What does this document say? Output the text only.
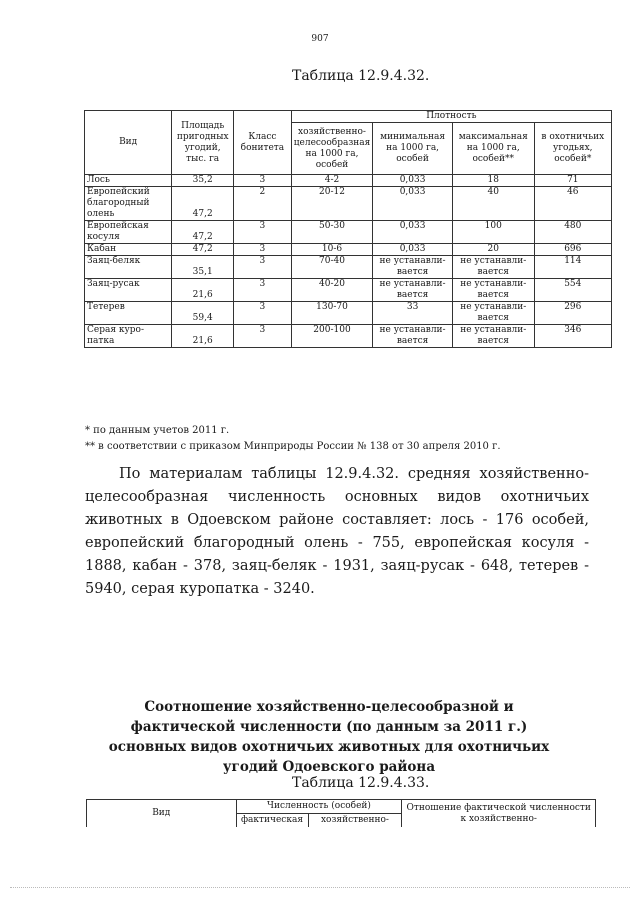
907
Таблица 12.9.4.32.
Вид	Площадь пригодных угодий, тыс. га	Класс бонитета	Плотность			
			хозяйственно-целесообразная на 1000 га, особей	минимальная на 1000 га, особей	максимальная на 1000 га, особей**	в охотничьих угодьях, особей*
Лось	35,2	3	4-2	0,033	18	71
Европейский благородный олень	47,2	2	20-12	0,033	40	46
Европейская косуля	47,2	3	50-30	0,033	100	480
Кабан	47,2	3	10-6	0,033	20	696
Заяц-беляк	35,1	3	70-40	не устанавли-вается	не устанавли-вается	114
Заяц-русак	21,6	3	40-20	не устанавли-вается	не устанавли-вается	554
Тетерев	59,4	3	130-70	33	не устанавли-вается	296
Серая куро-патка	21,6	3	200-100	не устанавли-вается	не устанавли-вается	346
* по данным учетов 2011 г.
** в соответствии с приказом Минприроды России № 138 от 30 апреля 2010 г.
По материалам таблицы 12.9.4.32. средняя хозяйственно-целесообразная численность основных видов охотничьих животных в Одоевском районе составляет: лось - 176 особей, европейский благородный олень - 755, европейская косуля - 1888, кабан - 378, заяц-беляк - 1931, заяц-русак - 648, тетерев - 5940, серая куропатка - 3240.
Соотношение хозяйственно-целесообразной и фактической численности (по данным за 2011 г.) основных видов охотничьих животных для охотничьих угодий Одоевского района
Таблица 12.9.4.33.
Вид	Численность (особей)		Отношение фактической численности к хозяйственно-
	фактическая	хозяйственно-	
